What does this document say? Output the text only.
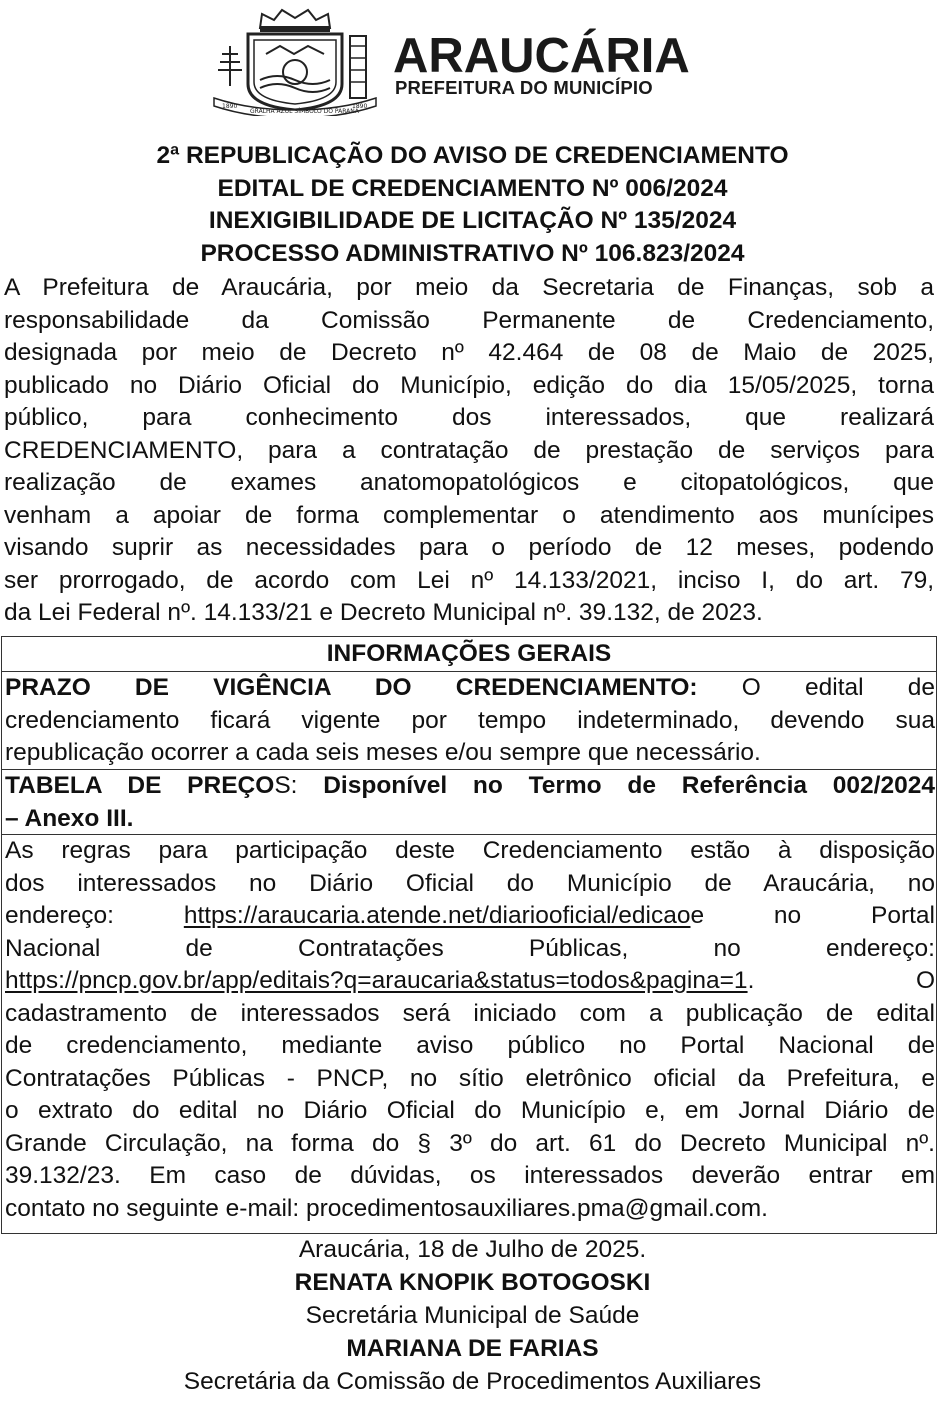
1890
GRALHA AZUL SÍMBOLO DO PARANÁ
1890
ARAUCÁRIA
PREFEITURA DO MUNICÍPIO
2ª REPUBLICAÇÃO DO AVISO DE CREDENCIAMENTO
EDITAL DE CREDENCIAMENTO Nº 006/2024
INEXIGIBILIDADE DE LICITAÇÃO Nº 135/2024
PROCESSO ADMINISTRATIVO Nº 106.823/2024
A Prefeitura de Araucária, por meio da Secretaria de Finanças, sob a
responsabilidade da Comissão Permanente de Credenciamento,
designada por meio de Decreto nº 42.464 de 08 de Maio de 2025,
publicado no Diário Oficial do Município, edição do dia 15/05/2025, torna
público, para conhecimento dos interessados, que realizará
CREDENCIAMENTO, para a contratação de prestação de serviços para
realização de exames anatomopatológicos e citopatológicos, que
venham a apoiar de forma complementar o atendimento aos munícipes
visando suprir as necessidades para o período de 12 meses, podendo
ser prorrogado, de acordo com Lei nº 14.133/2021, inciso I, do art. 79,
da Lei Federal nº. 14.133/21 e Decreto Municipal nº. 39.132, de 2023.
INFORMAÇÕES GERAIS
PRAZO DE VIGÊNCIA DO CREDENCIAMENTO: O edital de
credenciamento ficará vigente por tempo indeterminado, devendo sua
republicação ocorrer a cada seis meses e/ou sempre que necessário.
TABELA DE PREÇOS: Disponível no Termo de Referência 002/2024
– Anexo III.
As regras para participação deste Credenciamento estão à disposição
dos interessados no Diário Oficial do Município de Araucária, no
endereço:	https://araucaria.atende.net/diariooficial/edicaoe no Portal
Nacional de Contratações Públicas, no endereço:
https://pncp.gov.br/app/editais?q=araucaria&status=todos&pagina=1. O
cadastramento de interessados será iniciado com a publicação de edital
de credenciamento, mediante aviso público no Portal Nacional de
Contratações Públicas - PNCP, no sítio eletrônico oficial da Prefeitura, e
o extrato do edital no Diário Oficial do Município e, em Jornal Diário de
Grande Circulação, na forma do § 3º do art. 61 do Decreto Municipal nº.
39.132/23. Em caso de dúvidas, os interessados deverão entrar em
contato no seguinte e-mail: procedimentosauxiliares.pma@gmail.com.
Araucária, 18 de Julho de 2025.
RENATA KNOPIK BOTOGOSKI
Secretária Municipal de Saúde
MARIANA DE FARIAS
Secretária da Comissão de Procedimentos Auxiliares
